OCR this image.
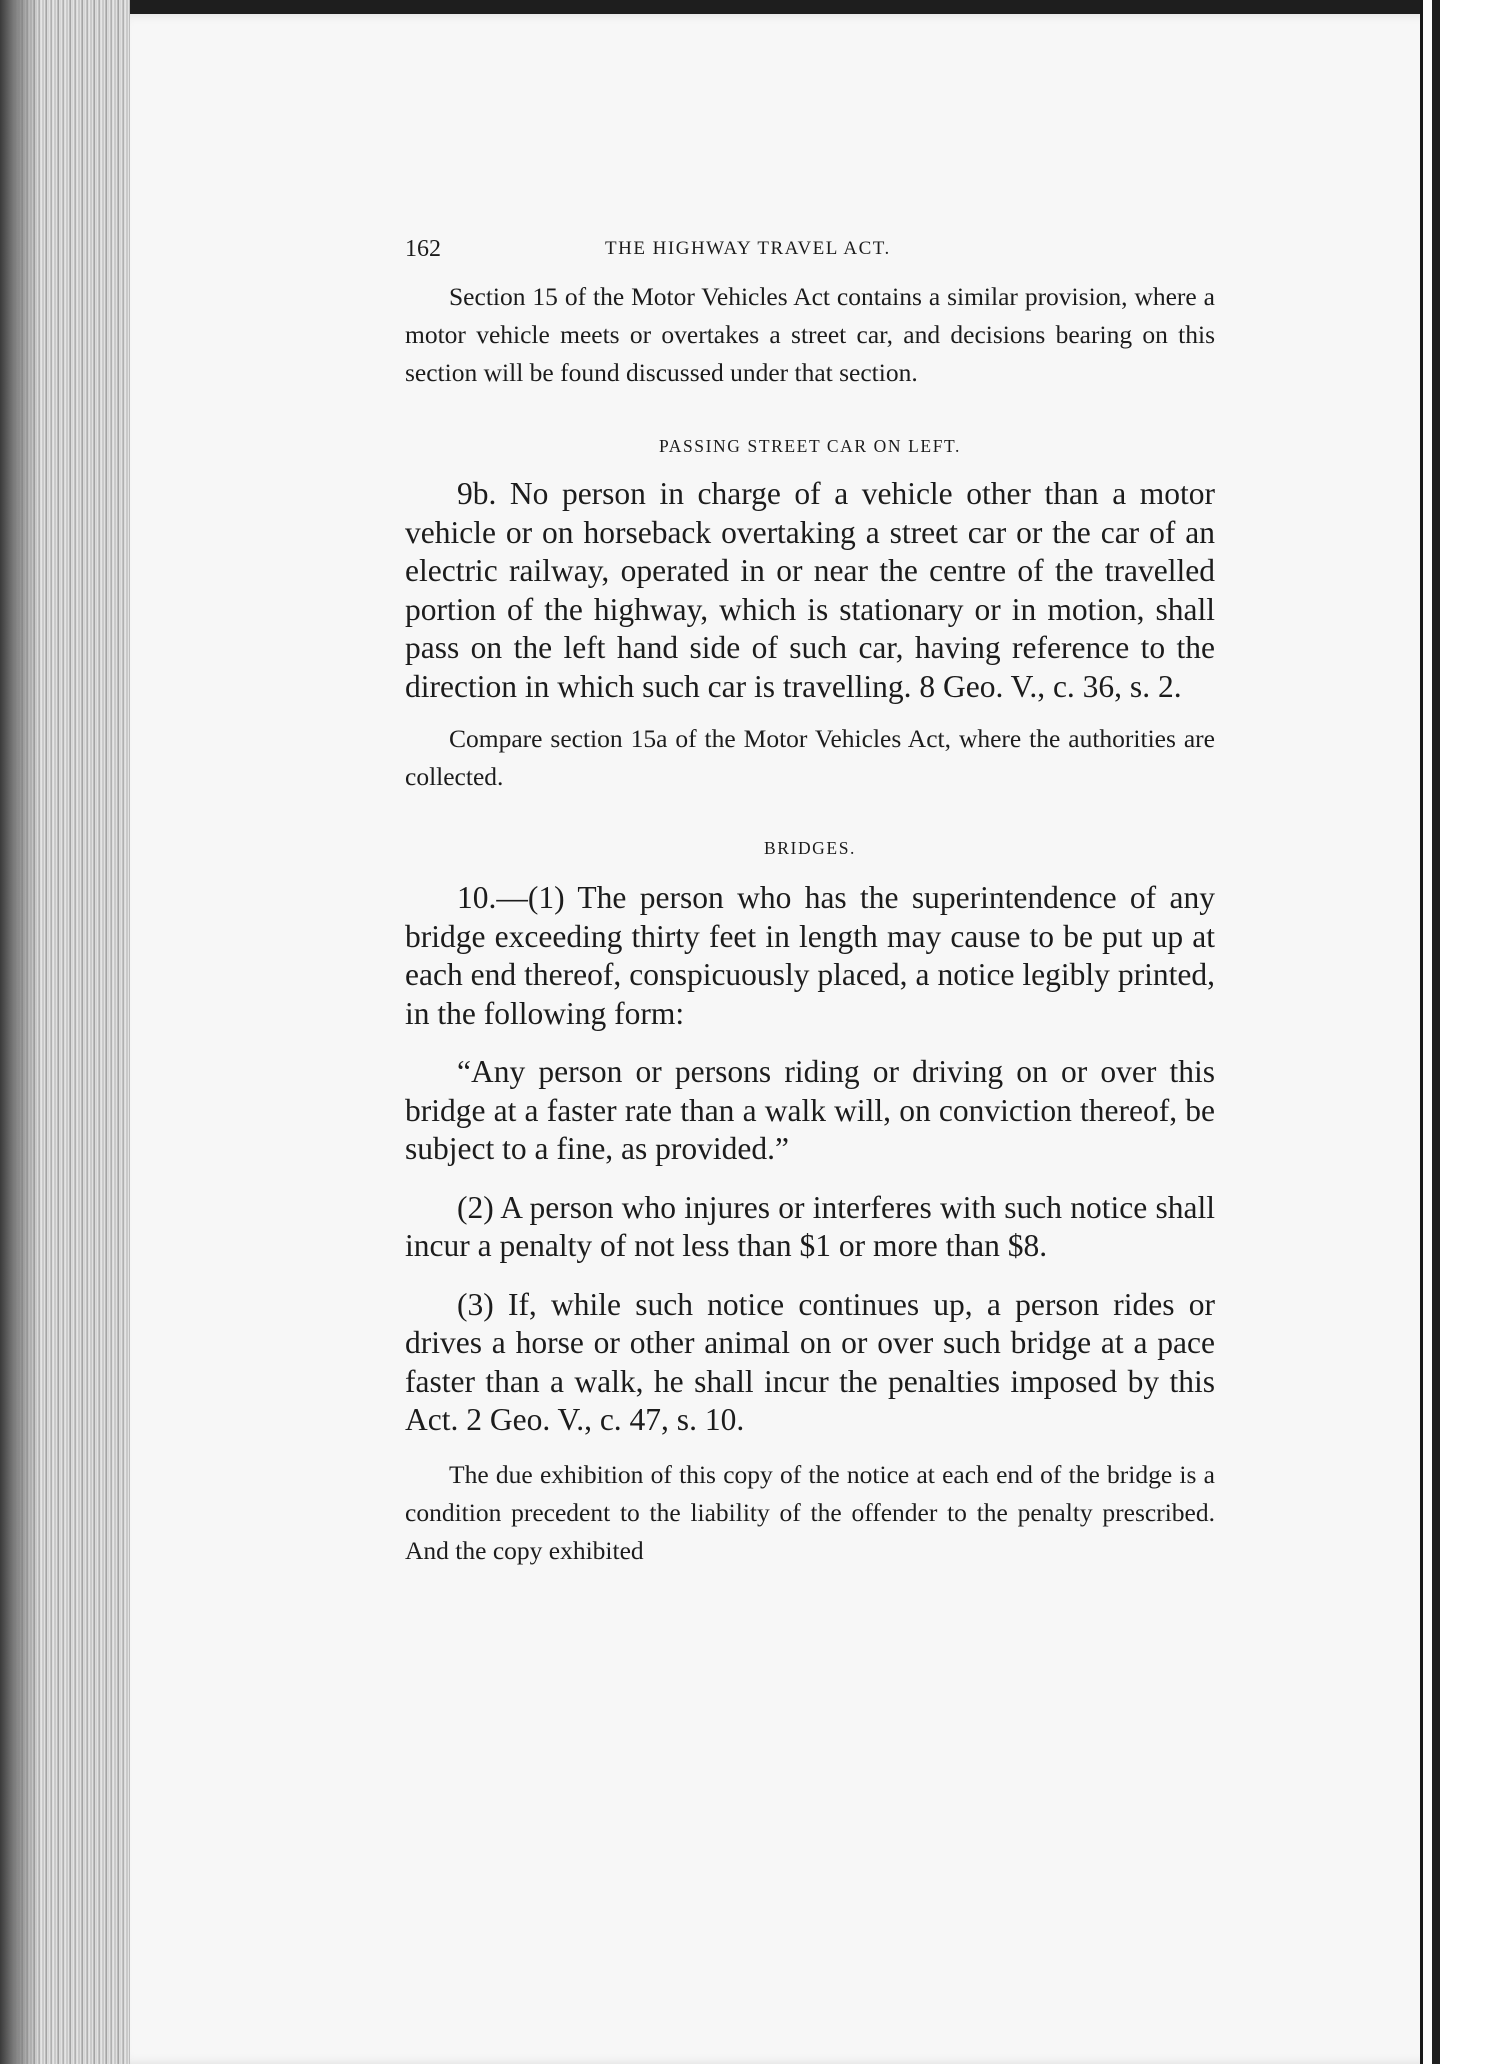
162	THE HIGHWAY TRAVEL ACT.

Section 15 of the Motor Vehicles Act contains a similar provision, where a motor vehicle meets or overtakes a street car, and decisions bearing on this section will be found discussed under that section.

PASSING STREET CAR ON LEFT.

9b. No person in charge of a vehicle other than a motor vehicle or on horseback overtaking a street car or the car of an electric railway, operated in or near the centre of the travelled portion of the highway, which is stationary or in motion, shall pass on the left hand side of such car, having reference to the direction in which such car is travelling. 8 Geo. V., c. 36, s. 2.

Compare section 15a of the Motor Vehicles Act, where the authorities are collected.

BRIDGES.

10.—(1) The person who has the superintendence of any bridge exceeding thirty feet in length may cause to be put up at each end thereof, conspicuously placed, a notice legibly printed, in the following form:

“Any person or persons riding or driving on or over this bridge at a faster rate than a walk will, on conviction thereof, be subject to a fine, as provided.”

(2) A person who injures or interferes with such notice shall incur a penalty of not less than $1 or more than $8.

(3) If, while such notice continues up, a person rides or drives a horse or other animal on or over such bridge at a pace faster than a walk, he shall incur the penalties imposed by this Act. 2 Geo. V., c. 47, s. 10.

The due exhibition of this copy of the notice at each end of the bridge is a condition precedent to the liability of the offender to the penalty prescribed. And the copy exhibited
